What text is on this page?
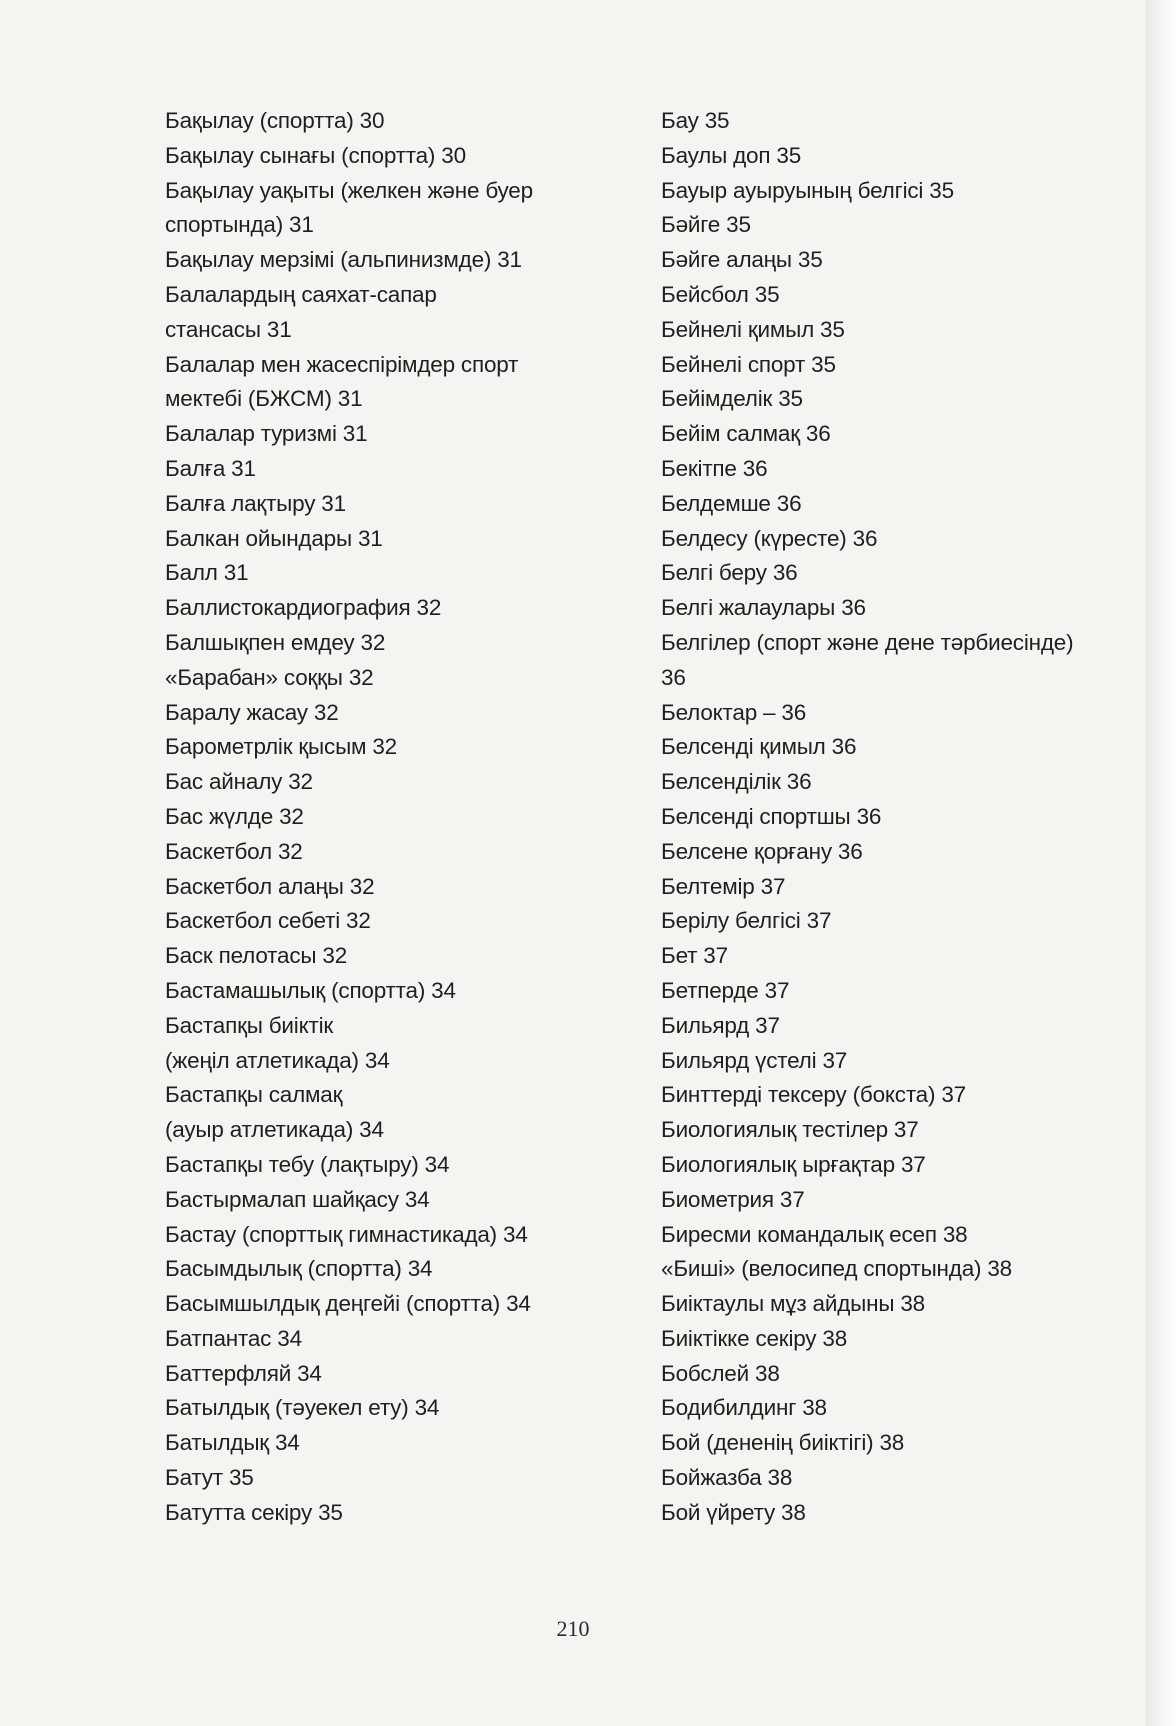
Бақылау (спортта) 30
Бақылау сынағы (спортта) 30
Бақылау уақыты (желкен және буер
спортында) 31
Бақылау мерзімі (альпинизмде) 31
Балалардың саяхат-сапар
стансасы 31
Балалар мен жасеспірімдер спорт
мектебі (БЖСМ) 31
Балалар туризмі 31
Балға 31
Балға лақтыру 31
Балкан ойындары 31
Балл 31
Баллистокардиография 32
Балшықпен емдеу 32
«Барабан» соққы 32
Баралу жасау 32
Барометрлік қысым 32
Бас айналу 32
Бас жүлде 32
Баскетбол 32
Баскетбол алаңы 32
Баскетбол себеті 32
Баск пелотасы 32
Бастамашылық (спортта) 34
Бастапқы биіктік
(жеңіл атлетикада) 34
Бастапқы салмақ
(ауыр атлетикада) 34
Бастапқы тебу (лақтыру) 34
Бастырмалап шайқасу 34
Бастау (спорттық гимнастикада) 34
Басымдылық (спортта) 34
Басымшылдық деңгейі (спортта) 34
Батпантас 34
Баттерфляй 34
Батылдық (тәуекел ету) 34
Батылдық 34
Батут 35
Батутта секіру 35
Бау 35
Баулы доп 35
Бауыр ауыруының белгісі 35
Бәйге 35
Бәйге алаңы 35
Бейсбол 35
Бейнелі қимыл 35
Бейнелі спорт 35
Бейімделік 35
Бейім салмақ 36
Бекітпе 36
Белдемше 36
Белдесу (күресте) 36
Белгі беру 36
Белгі жалаулары 36
Белгілер (спорт және дене тәрбиесінде)
36
Белоктар – 36
Белсенді қимыл 36
Белсенділік 36
Белсенді спортшы 36
Белсене қорғану 36
Белтемір 37
Берілу белгісі 37
Бет 37
Бетперде 37
Бильярд 37
Бильярд үстелі 37
Бинттерді тексеру (бокста) 37
Биологиялық тестілер 37
Биологиялық ырғақтар 37
Биометрия 37
Биресми командалық есеп 38
«Биші» (велосипед спортында) 38
Биіктаулы мұз айдыны 38
Биіктікке секіру 38
Бобслей 38
Бодибилдинг 38
Бой (дененің биіктігі) 38
Бойжазба 38
Бой үйрету 38
210
